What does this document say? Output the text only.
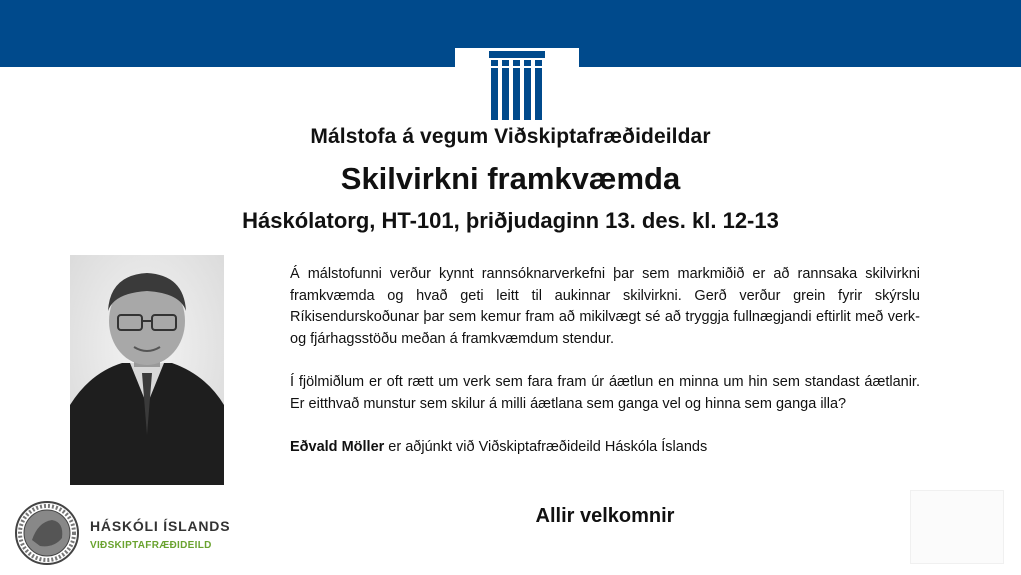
Málstofa á vegum Viðskiptafræðideildar
Skilvirkni framkvæmda
Háskólatorg, HT-101, þriðjudaginn 13. des. kl. 12-13

Á málstofunni verður kynnt rannsóknarverkefni þar sem markmiðið er að rannsaka skilvirkni framkvæmda og hvað geti leitt til aukinnar skilvirkni. Gerð verður grein fyrir skýrslu Ríkisendurskoðunar þar sem kemur fram að mikilvægt sé að tryggja fullnægjandi eftirlit með verk- og fjárhagsstöðu meðan á framkvæmdum stendur.

Í fjölmiðlum er oft rætt um verk sem fara fram úr áætlun en minna um hin sem standast áætlanir. Er eitthvað munstur sem skilur á milli áætlana sem ganga vel og hinna sem ganga illa?

Eðvald Möller er aðjúnkt við Viðskiptafræðideild Háskóla Íslands

Allir velkomnir
HÁSKÓLI ÍSLANDS
VIÐSKIPTAFRÆÐIDEILD
